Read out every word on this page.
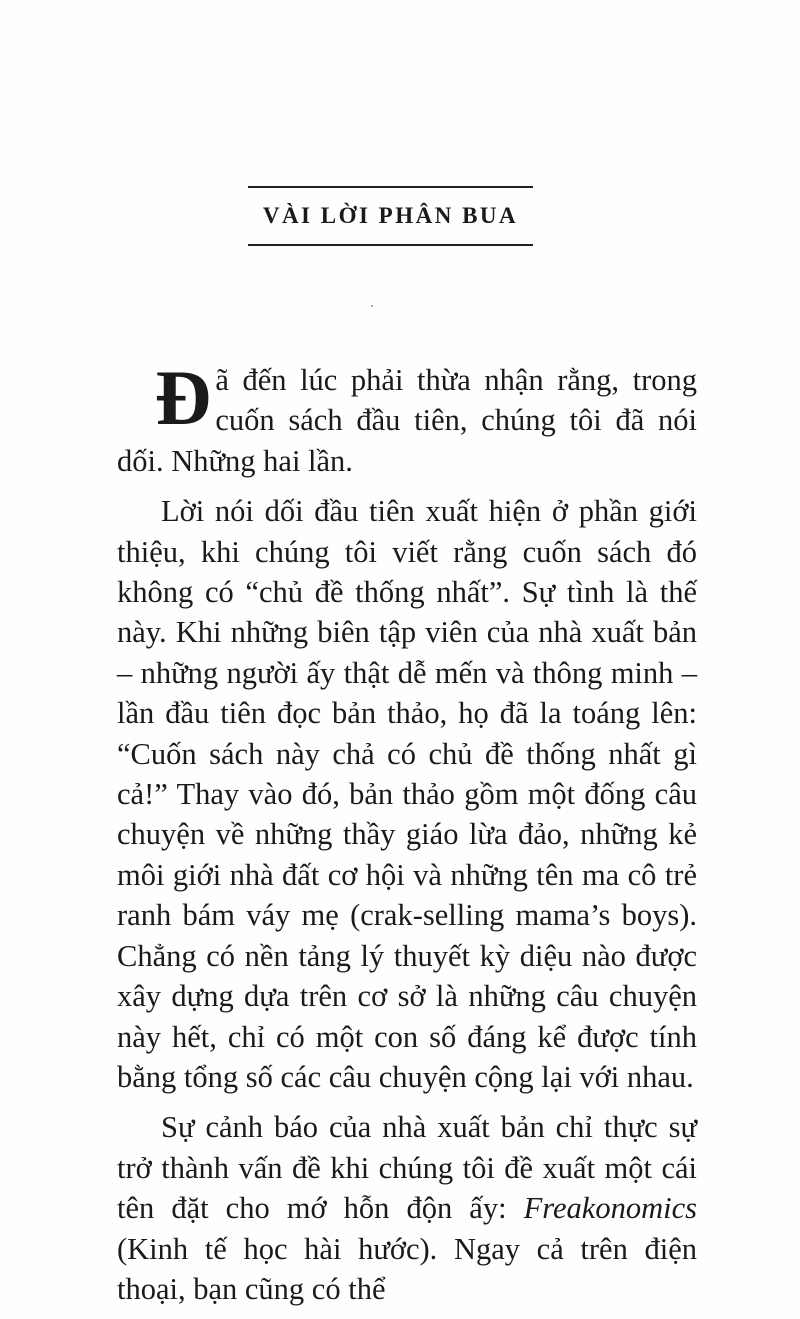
VÀI LỜI PHÂN BUA

Đã đến lúc phải thừa nhận rằng, trong cuốn sách đầu tiên, chúng tôi đã nói dối. Những hai lần.

Lời nói dối đầu tiên xuất hiện ở phần giới thiệu, khi chúng tôi viết rằng cuốn sách đó không có “chủ đề thống nhất”. Sự tình là thế này. Khi những biên tập viên của nhà xuất bản – những người ấy thật dễ mến và thông minh – lần đầu tiên đọc bản thảo, họ đã la toáng lên: “Cuốn sách này chả có chủ đề thống nhất gì cả!” Thay vào đó, bản thảo gồm một đống câu chuyện về những thầy giáo lừa đảo, những kẻ môi giới nhà đất cơ hội và những tên ma cô trẻ ranh bám váy mẹ (crak-selling mama’s boys). Chẳng có nền tảng lý thuyết kỳ diệu nào được xây dựng dựa trên cơ sở là những câu chuyện này hết, chỉ có một con số đáng kể được tính bằng tổng số các câu chuyện cộng lại với nhau.

Sự cảnh báo của nhà xuất bản chỉ thực sự trở thành vấn đề khi chúng tôi đề xuất một cái tên đặt cho mớ hỗn độn ấy: Freakonomics (Kinh tế học hài hước). Ngay cả trên điện thoại, bạn cũng có thể
